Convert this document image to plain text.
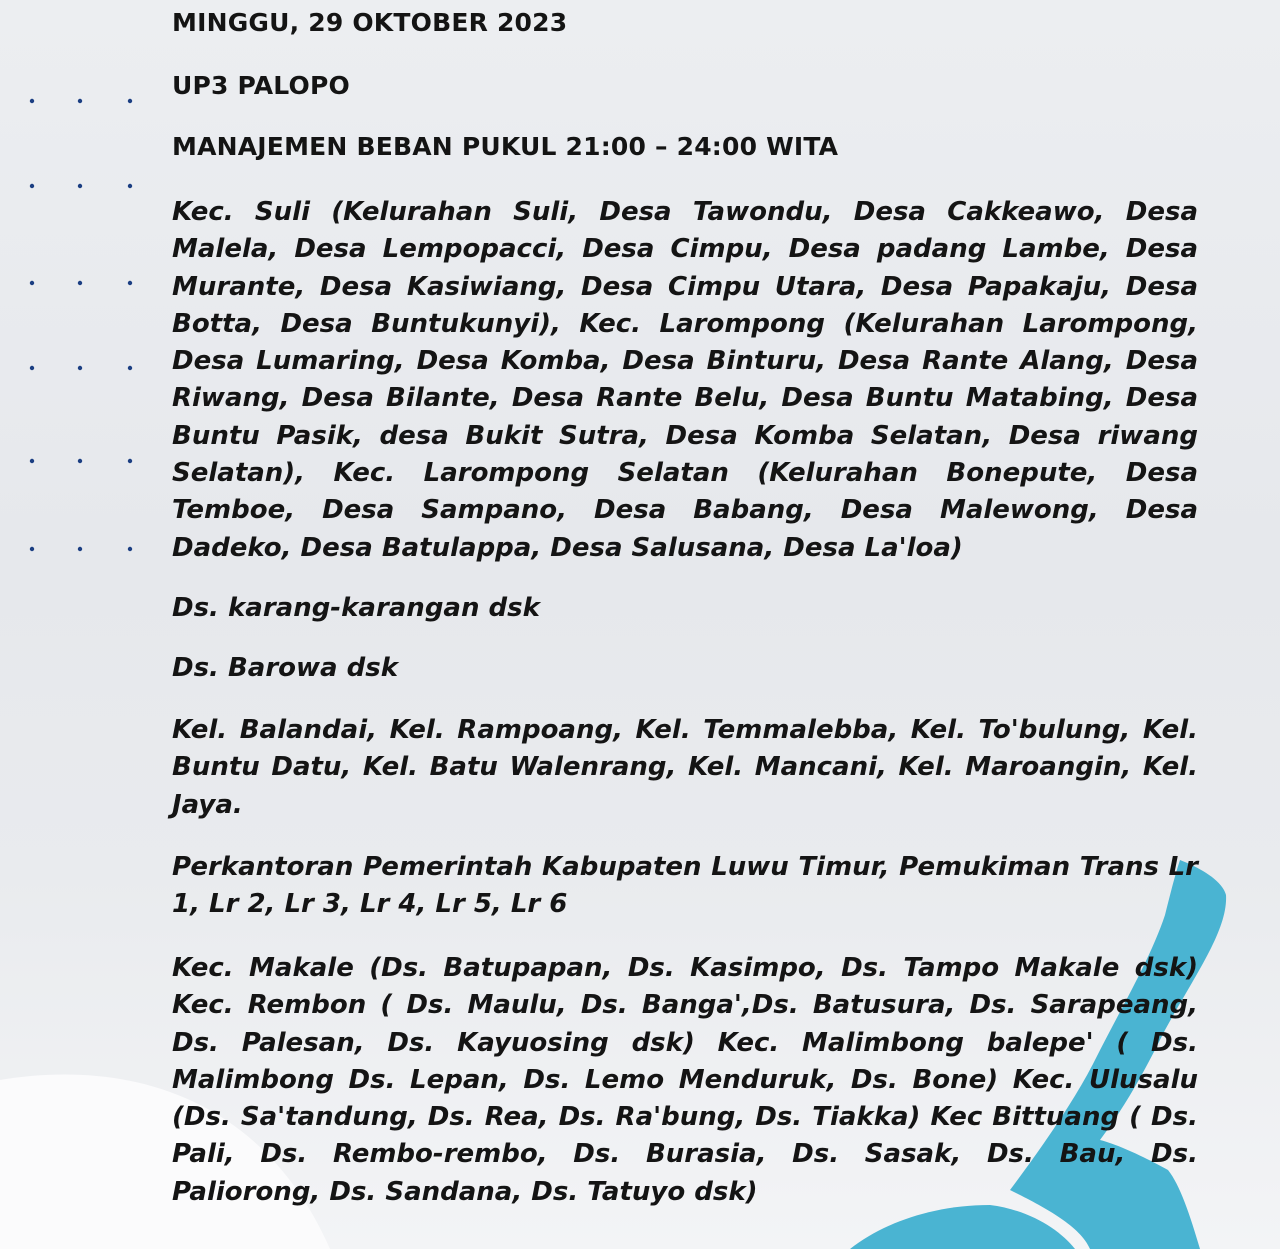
MINGGU, 29 OKTOBER 2023
UP3 PALOPO
MANAJEMEN BEBAN PUKUL 21:00 – 24:00 WITA

Kec. Suli (Kelurahan Suli, Desa Tawondu, Desa Cakkeawo, Desa Malela, Desa Lempopacci, Desa Cimpu, Desa padang Lambe, Desa Murante, Desa Kasiwiang, Desa Cimpu Utara, Desa Papakaju, Desa Botta, Desa Buntukunyi), Kec. Larompong (Kelurahan Larompong, Desa Lumaring, Desa Komba, Desa Binturu, Desa Rante Alang, Desa Riwang, Desa Bilante, Desa Rante Belu, Desa Buntu Matabing, Desa Buntu Pasik, desa Bukit Sutra, Desa Komba Selatan, Desa riwang Selatan), Kec. Larompong Selatan (Kelurahan Bonepute, Desa Temboe, Desa Sampano, Desa Babang, Desa Malewong, Desa Dadeko, Desa Batulappa, Desa Salusana, Desa La'loa)

Ds. karang-karangan dsk

Ds. Barowa dsk

Kel. Balandai, Kel. Rampoang, Kel. Temmalebba, Kel. To'bulung, Kel. Buntu Datu, Kel. Batu Walenrang, Kel. Mancani, Kel. Maroangin, Kel. Jaya.

Perkantoran Pemerintah Kabupaten Luwu Timur, Pemukiman Trans Lr 1, Lr 2, Lr 3, Lr 4, Lr 5, Lr 6

Kec. Makale (Ds. Batupapan, Ds. Kasimpo, Ds. Tampo Makale dsk) Kec. Rembon ( Ds. Maulu, Ds. Banga',Ds. Batusura, Ds. Sarapeang, Ds. Palesan, Ds. Kayuosing dsk) Kec. Malimbong balepe' ( Ds. Malimbong Ds. Lepan, Ds. Lemo Menduruk, Ds. Bone) Kec. Ulusalu (Ds. Sa'tandung, Ds. Rea, Ds. Ra'bung, Ds. Tiakka) Kec Bittuang ( Ds. Pali, Ds. Rembo-rembo, Ds. Burasia, Ds. Sasak, Ds. Bau, Ds. Paliorong, Ds. Sandana, Ds. Tatuyo dsk)
